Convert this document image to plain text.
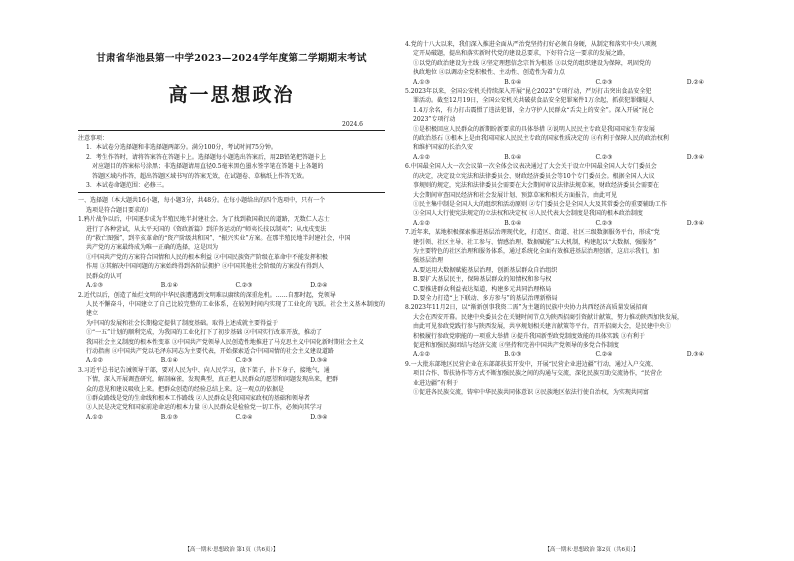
甘肃省华池县第一中学2023—2024学年度第二学期期末考试
高一思想政治
2024.6

注意事项：

1．本试卷分选择题和非选择题两部分。满分100分，考试时间75分钟。

2．考生作答时，请将答案答在答题卡上。选择题每小题选出答案后，用2B铅笔把答题卡上

对应题目的答案标号涂黑；非选择题请用直径0.5毫米黑色墨水签字笔在答题卡上各题的

答题区域内作答，超出答题区域书写的答案无效，在试题卷、草稿纸上作答无效。

3．本试卷命题范围：必修三。

一、选择题（本大题共16小题，每小题3分，共48分。在每小题给出的四个选项中，只有一个

选项是符合题目要求的）

1.鸦片战争以后，中国逐步成为半殖民地半封建社会。为了找到救国救民的道路，无数仁人志士

进行了各种尝试，从太平天国的《资政新篇》到洋务运动的“师夷长技以制夷”；从戊戌变法

的“救亡图强”，到辛亥革命的“资产阶级共和国”、“振兴实业”方案。在那半殖民地半封建社会，中国

共产党的方案最终成为唯一正确的选择，这是因为

①中国共产党的方案符合国情和人民的根本利益 ②中国民族资产阶级在革命中不能发挥积极

作用 ③其解决中国问题的方案始终得到各阶层拥护 ④中国其他社会阶级的方案没有得到人

民群众的认可

A.①③	B.①④	C.②③	D.②④

2.近代以后，创造了灿烂文明的中华民族遭遇到文明难以赓续的深重危机。……自那时起，党领导

人民不懈奋斗，中国建立了自己比较完整的工业体系，在较短时间内实现了工业化的飞跃。社会主义基本制度的建立

为中国的发展和社会长期稳定提供了制度基础。取得上述成就主要得益于

①“一五”计划的顺利完成，为我国的工业化打下了初步基础 ②中国实行改革开放，推动了

我国社会主义制度的根本性变革 ③中国共产党领导人民创造性地推进了马克思主义中国化新时期社会主义

行动指南 ④中国共产党以毛泽东同志为主要代表，开始探索适合中国国情的社会主义建设道路

A.①②	B.①④	C.②③	D.③④

3.习近平总书记告诫领导干部，要对人民为中、向人民学习，放下架子，扑下身子，接地气，通

下情，深入开展调查研究，解剖麻雀，发现典型，真正把人民群众的愿望和问题发现出来，把群

众的意见和建议吸收上来。把群众创造的经验总结上来。这一观点的依据是

①群众路线是党的生命线和根本工作路线 ②人民群众是我国国家政权的基础和领导者

③人民是决定党和国家前途命运的根本力量 ④人民群众是检验党一切工作，必须向其学习

A.①②	B.①③	C.②④	D.③④
【高一期末·思想政治 第1页（共6页）】

4.党的十八大以来，我们深入推进全面从严治党坚持打好必须自身硬，从制定和落实中央八项规

定开局破题，提出和落实新时代党的建设总要求，下好符合这一要求的发展之路，

①以党的政治建设为主线 ②坚定理想信念宗旨为根基 ③以党的组织建设为保障，巩固党的

执政地位 ④以调动全党积极性、主动性、创造性为着力点

A.①③	B.①④	C.②③	D.②④

5.2023年以来，全国公安机关持续深入开展“昆仑2023”专项行动，严厉打击突出食品安全犯

罪活动。截至12月19日，全国公安机关共破获食品安全犯罪案件1万余起，抓获犯罪嫌疑人

1.4万余名，有力打击震慑了违法犯罪，全力守护人民群众“舌尖上的安全”。深入开展“昆仑

2023”专项行动

①是积极回应人民群众的新期盼新要求的具体举措 ②说明人民民主专政是我国国家生存发展

的政治基石 ③根本上是由我国国家人民民主专政的国家性质决定的 ④有利于保障人民的政治权利

和维护国家的长治久安

A.①②	B.①④	C.②③	D.③④

6.中国最全国人大一次会议第一次全体会议表决通过了大会关于设立中国最全国人大专门委员会

的决定，决定设立宪法和法律委员会、财政经济委员会等10个专门委员会。根据全国人大议

事规则的规定，宪法和法律委员会需要在大会期间审议法律法规草案，财政经济委员会需要在

大会期间审查国民经济和社会发展计划、预算草案和相关方面报告，由此可见

①民主集中制是全国人大的组织和活动原则 ②专门委员会是全国人大及其常委会的重要辅助工作

③全国人大行使宪法规定的立法权和决定权 ④人民代表大会制度是我国的根本政治制度

A.①②	B.①④	C.②③	D.③④

7.近年来，某地积极探索推进基层治理现代化，打造区、街道、社区三级数据服务平台，形成“党

建引领、社区主导、社工参与、情感治理、数据赋能”五大机制，构建起以“大数据、强服务”

为主要特色的社区治理和服务体系，通过系统化全面有效推进基层治理创新，这启示我们，加

强基层治理

A.要运用大数据赋能基层治理，创新基层群众自治组织

B.要扩大基层民主，保障基层群众的知情权和参与权

C.要推进群众利益表达渠道，构建多元共同治理格局

D.要全力打造“上下联动、多方参与”的基层治理新格局

8.2023年11月2日，以“渐新创事我资二需”为主题的民族中央协力共西经济高质量发展招商

大会在西安开幕。民建中央委员会在关键时间节点为陕西招商引资献计献策，努力推动陕西加快发展，

由此可见参政党践行参与陕西发展，共享规划相关建言献策等平台，召开招商大会，是民建中央①

积极履行参政党职能的一项重大举措 ②提升我国新型政党制度效能的具体实践 ③有利于

促进和加强民族团结与经济交流 ④坚持和完善中国共产党领导的多党合作制度

A.①②	B.①③	C.②④	D.③④

9.一大批东部地区民营企业在东部部扶贫开发中，开展“民营企业进边疆”行动，通过入户交流、

项目合作、帮扶协作等方式不断加强民族之间的沟通与交流，深化民族互助交流协作，“民营企

业进边疆”有利于

①促进各民族交流，铸牢中华民族共同体意识 ②民族地区依法行使自治权，为实现共同富

【高一期末·思想政治 第2页（共6页）】
